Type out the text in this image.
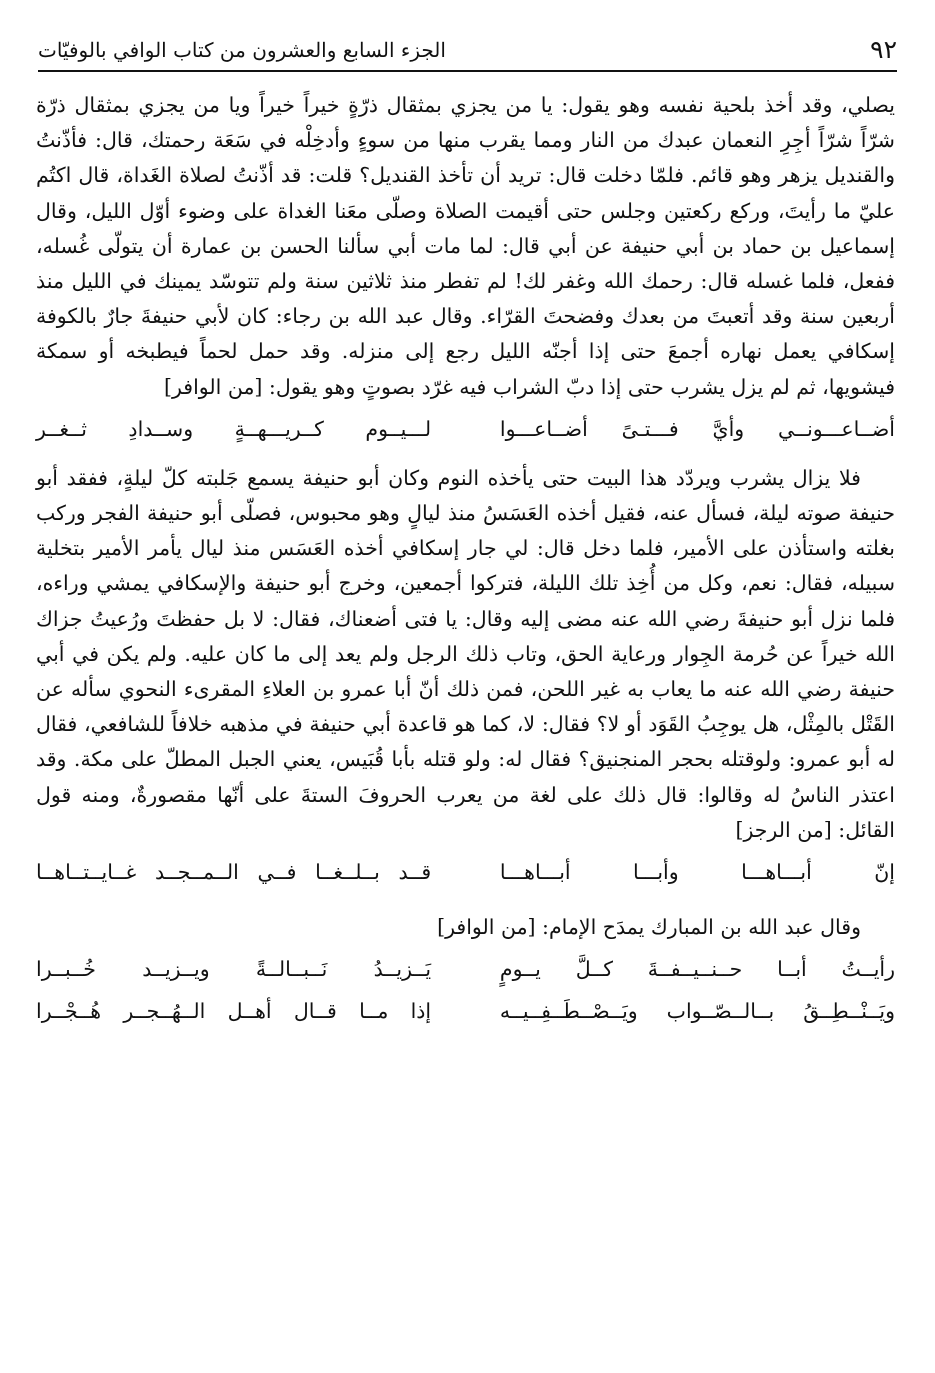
٩٢
الجزء السابع والعشرون من كتاب الوافي بالوفيّات

يصلي، وقد أخذ بلحية نفسه وهو يقول: يا من يجزي بمثقال ذرّةٍ خيراً خيراً ويا من يجزي بمثقال ذرّة شرّاً شرّاً أجِرِ النعمان عبدك من النار ومما يقرب منها من سوءٍ وأدخِلْه في سَعَة رحمتك، قال: فأذّنتُ والقنديل يزهر وهو قائم. فلمّا دخلت قال: تريد أن تأخذ القنديل؟ قلت: قد أذّنتُ لصلاة الغَداة، قال اكتُم عليّ ما رأيتَ، وركع ركعتين وجلس حتى أقيمت الصلاة وصلّى معَنا الغداة على وضوء أوّل الليل، وقال إسماعيل بن حماد بن أبي حنيفة عن أبي قال: لما مات أبي سألنا الحسن بن عمارة أن يتولّى غُسله، ففعل، فلما غسله قال: رحمك الله وغفر لك! لم تفطر منذ ثلاثين سنة ولم تتوسّد يمينك في الليل منذ أربعين سنة وقد أتعبتَ من بعدك وفضحتَ القرّاء. وقال عبد الله بن رجاء: كان لأبي حنيفةَ جارٌ بالكوفة إسكافي يعمل نهاره أجمعَ حتى إذا أجنّه الليل رجع إلى منزله. وقد حمل لحماً فيطبخه أو سمكة فيشويها، ثم لم يزل يشرب حتى إذا دبّ الشراب فيه غرّد بصوتٍ وهو يقول: [من الوافر]

أضــاعـــونــي وأيَّ فـــتـىً أضــاعـــوا
لـــيــوم كــريـــهــةٍ وســدادِ ثــغــر

فلا يزال يشرب ويردّد هذا البيت حتى يأخذه النوم وكان أبو حنيفة يسمع جَلبته كلّ ليلةٍ، ففقد أبو حنيفة صوته ليلة، فسأل عنه، فقيل أخذه العَسَسُ منذ ليالٍ وهو محبوس، فصلّى أبو حنيفة الفجر وركب بغلته واستأذن على الأمير، فلما دخل قال: لي جار إسكافي أخذه العَسَس منذ ليال يأمر الأمير بتخلية سبيله، فقال: نعم، وكل من أُخِذ تلك الليلة، فتركوا أجمعين، وخرج أبو حنيفة والإسكافي يمشي وراءه، فلما نزل أبو حنيفةَ رضي الله عنه مضى إليه وقال: يا فتى أضعناك، فقال: لا بل حفظتَ ورُعيتُ جزاك الله خيراً عن حُرمة الجِوار ورعاية الحق، وتاب ذلك الرجل ولم يعد إلى ما كان عليه. ولم يكن في أبي حنيفة رضي الله عنه ما يعاب به غير اللحن، فمن ذلك أنّ أبا عمرو بن العلاءِ المقرىء النحوي سأله عن القَتْل بالمِثْل، هل يوجِبُ القَوَد أو لا؟ فقال: لا، كما هو قاعدة أبي حنيفة في مذهبه خلافاً للشافعي، فقال له أبو عمرو: ولوقتله بحجر المنجنيق؟ فقال له: ولو قتله بأبا قُبَيس، يعني الجبل المطلّ على مكة. وقد اعتذر الناسُ له وقالوا: قال ذلك على لغة من يعرب الحروفَ الستةَ على أنّها مقصورةٌ، ومنه قول القائل: [من الرجز]

إنّ أبـــاهـــا وأبـــا أبـــاهـــا
قــد بــلــغــا فــي الــمــجــد غــايــتــاهــا

وقال عبد الله بن المبارك يمدَح الإمام: [من الوافر]

رأيــتُ أبــا حــنــيــفــةَ كــلَّ يــومٍ
يَــزيــدُ نَــبــالــةً ويــزيــد خُــبــرا
ويَــنْــطِــقُ بــالــصّــواب ويَــصْــطَــفِــيــه
إذا مــا قــال أهــل الــهُــجــر هُــجْــرا
